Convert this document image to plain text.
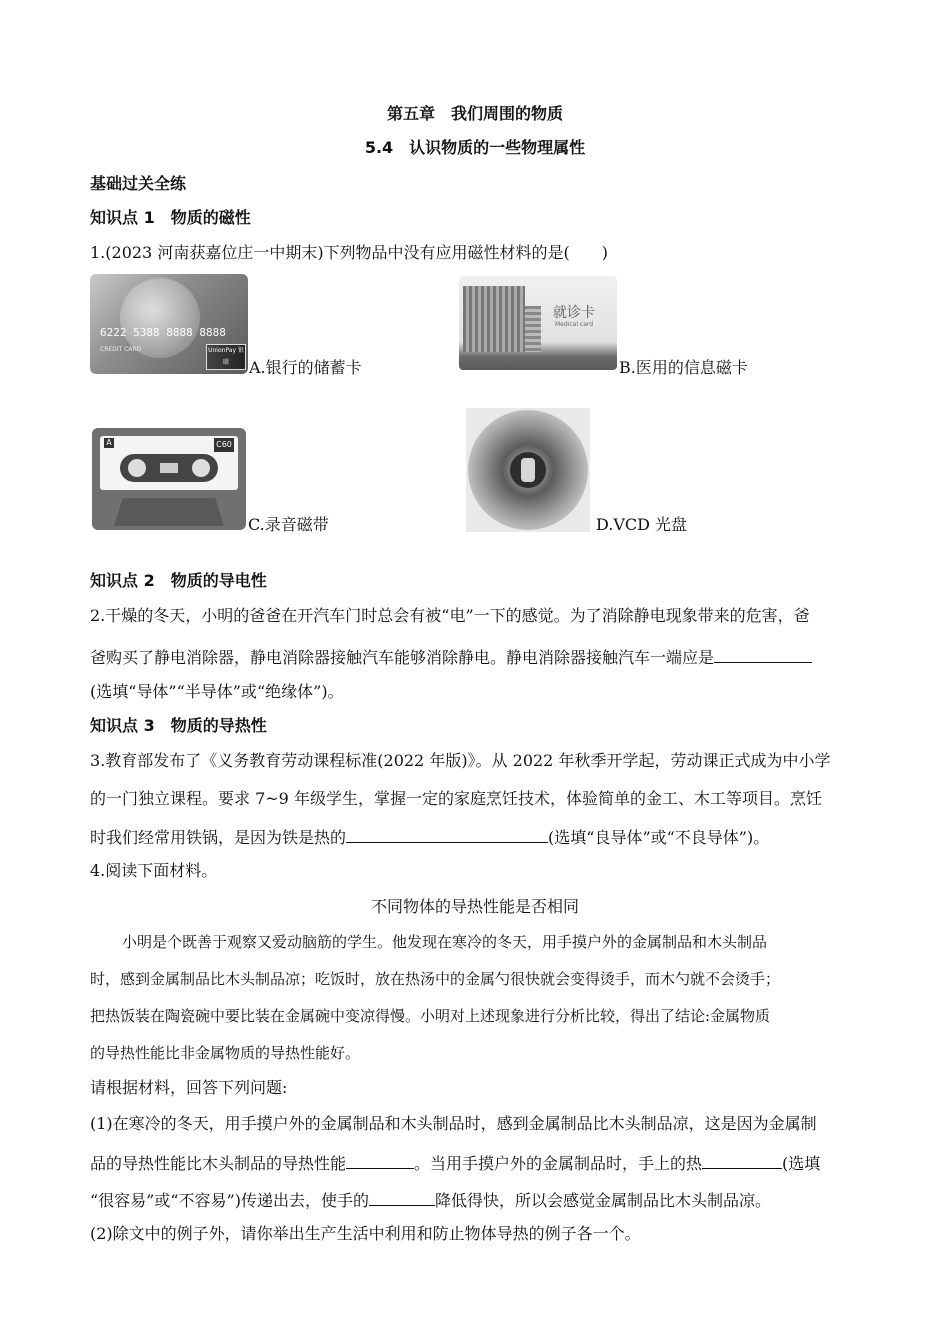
第五章　我们周围的物质
5.4　认识物质的一些物理属性
基础过关全练
知识点 1　物质的磁性
1.(2023 河南获嘉位庄一中期末)下列物品中没有应用磁性材料的是(　　)
6222 5388 8888 8888
CREDIT CARD	UnionPay 银联	A.银行的储蓄卡
就诊卡
Medical card
B.医用的信息磁卡
A	C60
C.录音磁带	D.VCD 光盘
知识点 2　物质的导电性
2.干燥的冬天，小明的爸爸在开汽车门时总会有被“电”一下的感觉。为了消除静电现象带来的危害，爸
爸购买了静电消除器，静电消除器接触汽车能够消除静电。静电消除器接触汽车一端应是
(选填“导体”“半导体”或“绝缘体”)。
知识点 3　物质的导热性
3.教育部发布了《义务教育劳动课程标准(2022 年版)》。从 2022 年秋季开学起，劳动课正式成为中小学
的一门独立课程。要求 7~9 年级学生，掌握一定的家庭烹饪技术，体验简单的金工、木工等项目。烹饪
时我们经常用铁锅，是因为铁是热的	(选填“良导体”或“不良导体”)。
4.阅读下面材料。
不同物体的导热性能是否相同
小明是个既善于观察又爱动脑筋的学生。他发现在寒冷的冬天，用手摸户外的金属制品和木头制品
时，感到金属制品比木头制品凉；吃饭时，放在热汤中的金属勺很快就会变得烫手，而木勺就不会烫手；
把热饭装在陶瓷碗中要比装在金属碗中变凉得慢。小明对上述现象进行分析比较，得出了结论:金属物质
的导热性能比非金属物质的导热性能好。
请根据材料，回答下列问题:
(1)在寒冷的冬天，用手摸户外的金属制品和木头制品时，感到金属制品比木头制品凉，这是因为金属制
品的导热性能比木头制品的导热性能	。当用手摸户外的金属制品时，手上的热	(选填
“很容易”或“不容易”)传递出去，使手的	降低得快，所以会感觉金属制品比木头制品凉。
(2)除文中的例子外，请你举出生产生活中利用和防止物体导热的例子各一个。
